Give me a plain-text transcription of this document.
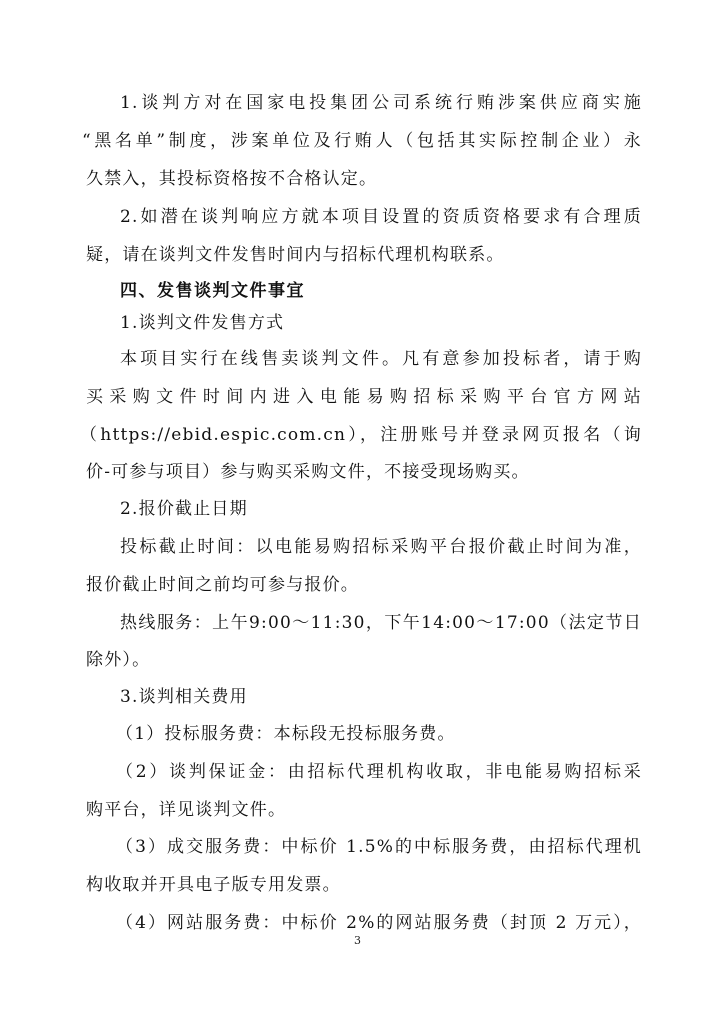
1.谈判方对在国家电投集团公司系统行贿涉案供应商实施
“黑名单”制度，涉案单位及行贿人（包括其实际控制企业）永
久禁入，其投标资格按不合格认定。
2.如潜在谈判响应方就本项目设置的资质资格要求有合理质
疑，请在谈判文件发售时间内与招标代理机构联系。
四、发售谈判文件事宜
1.谈判文件发售方式
本项目实行在线售卖谈判文件。凡有意参加投标者，请于购
买采购文件时间内进入电能易购招标采购平台官方网站
（https://ebid.espic.com.cn），注册账号并登录网页报名（询
价-可参与项目）参与购买采购文件，不接受现场购买。
2.报价截止日期
投标截止时间：以电能易购招标采购平台报价截止时间为准，
报价截止时间之前均可参与报价。
热线服务：上午9:00～11:30，下午14:00～17:00（法定节日
除外）。
3.谈判相关费用
（1）投标服务费：本标段无投标服务费。
（2）谈判保证金：由招标代理机构收取，非电能易购招标采
购平台，详见谈判文件。
（3）成交服务费：中标价 1.5%的中标服务费，由招标代理机
构收取并开具电子版专用发票。
（4）网站服务费：中标价 2%的网站服务费（封顶 2 万元），
3
